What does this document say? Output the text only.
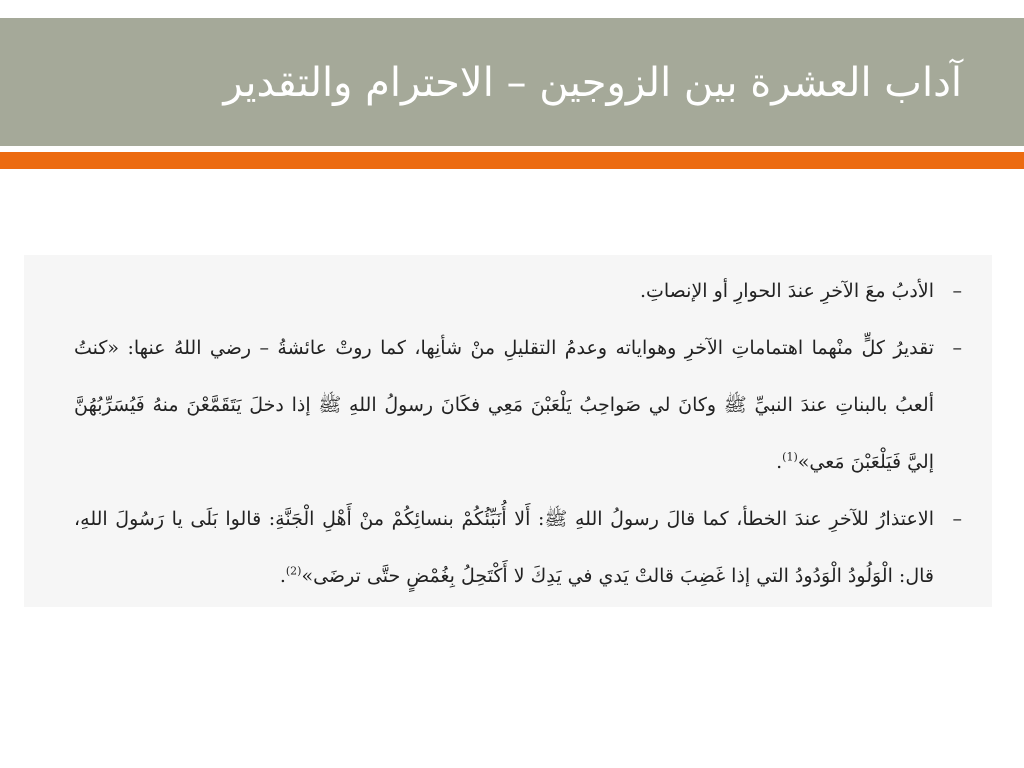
آداب العشرة بين الزوجين – الاحترام والتقدير
–
الأدبُ معَ الآخرِ عندَ الحوارِ أو الإنصاتِ.
–
تقديرُ كلٍّ منْهما اهتماماتِ الآخرِ وهواياته وعدمُ التقليلِ منْ شأنِها، كما روتْ عائشةُ – رضي اللهُ عنها: «كنتُ ألعبُ بالبناتِ عندَ النبيِّ ﷺ وكانَ لي صَواحِبُ يَلْعَبْنَ مَعِي فكَانَ رسولُ اللهِ ﷺ إذا دخلَ يَتَقَمَّعْنَ منهُ فَيُسَرِّبُهُنَّ إليَّ فَيَلْعَبْنَ مَعي»$^{(1)}$.
–
الاعتذارُ للآخرِ عندَ الخطأ، كما قالَ رسولُ اللهِ ﷺ: أَلا أُنَبِّئُكُمْ بنسائِكُمْ منْ أَهْلِ الْجَنَّةِ: قالوا بَلَى يا رَسُولَ اللهِ، قال: الْوَلُودُ الْوَدُودُ التي إذا غَضِبَ قالتْ يَدي في يَدِكَ لا أَكْتَحِلُ بِغُمْضٍ حتَّى ترضَى»$^{(2)}$.
